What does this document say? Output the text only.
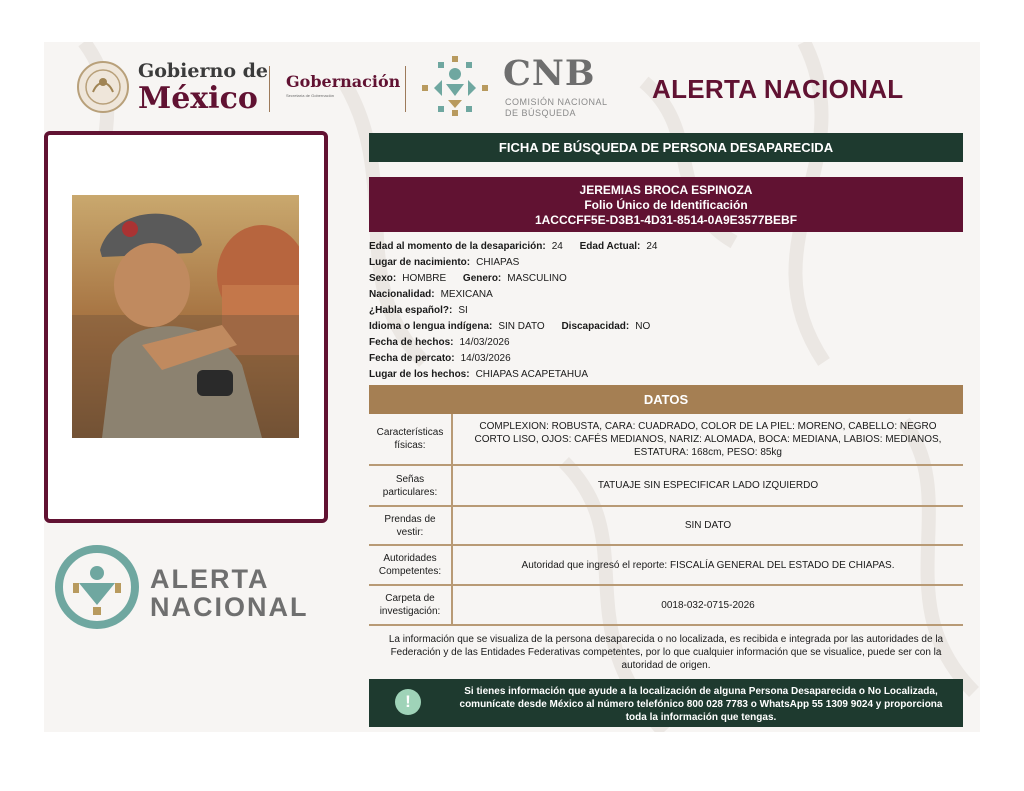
Gobierno de
México	Gobernación
Secretaría de Gobernación
CNB
COMISIÓN NACIONAL
DE BÚSQUEDA
ALERTA NACIONAL
ALERTA
NACIONAL
FICHA DE BÚSQUEDA DE PERSONA DESAPARECIDA
JEREMIAS BROCA ESPINOZA
Folio Único de Identificación
1ACCCFF5E-D3B1-4D31-8514-0A9E3577BEBF
Edad al momento de la desaparición: 24 Edad Actual: 24
Lugar de nacimiento: CHIAPAS
Sexo: HOMBRE Genero: MASCULINO
Nacionalidad: MEXICANA
¿Habla español?: SI
Idioma o lengua indígena: SIN DATO Discapacidad: NO
Fecha de hechos: 14/03/2026
Fecha de percato: 14/03/2026
Lugar de los hechos: CHIAPAS ACAPETAHUA
DATOS
Características físicas:
COMPLEXION: ROBUSTA, CARA: CUADRADO, COLOR DE LA PIEL: MORENO, CABELLO: NEGRO CORTO LISO, OJOS: CAFÉS MEDIANOS, NARIZ: ALOMADA, BOCA: MEDIANA, LABIOS: MEDIANOS, ESTATURA: 168cm, PESO: 85kg
Señas particulares:
TATUAJE SIN ESPECIFICAR LADO IZQUIERDO
Prendas de vestir:
SIN DATO
Autoridades Competentes:
Autoridad que ingresó el reporte: FISCALÍA GENERAL DEL ESTADO DE CHIAPAS.
Carpeta de investigación:
0018-032-0715-2026
La información que se visualiza de la persona desaparecida o no localizada, es recibida e integrada por las autoridades de la Federación y de las Entidades Federativas competentes, por lo que cualquier información que se visualice, puede ser con la autoridad de origen.
!
Si tienes información que ayude a la localización de alguna Persona Desaparecida o No Localizada, comunícate desde México al número telefónico 800 028 7783 o WhatsApp 55 1309 9024 y proporciona toda la información que tengas.
